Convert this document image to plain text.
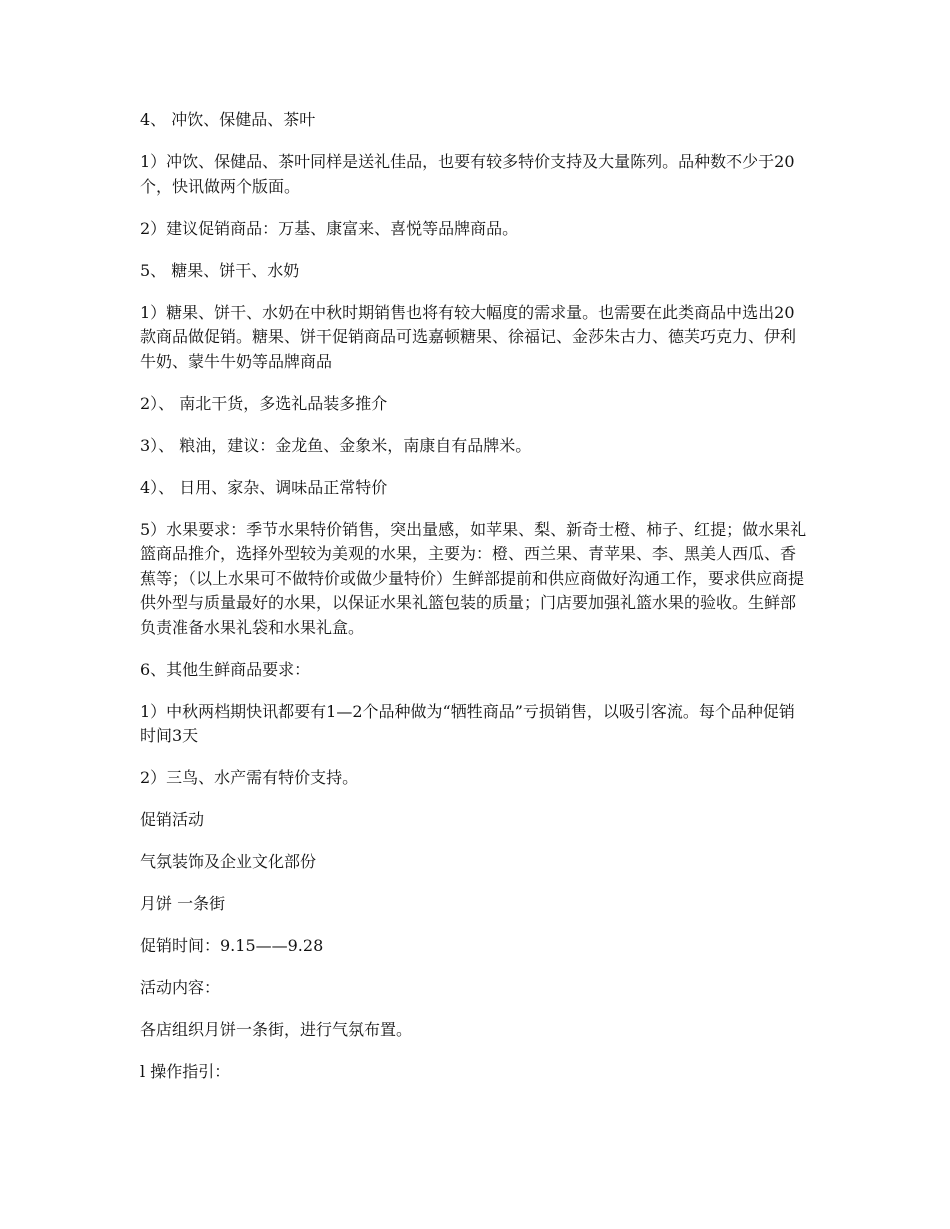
4、 冲饮、保健品、茶叶

1）冲饮、保健品、茶叶同样是送礼佳品，也要有较多特价支持及大量陈列。品种数不少于20个，快讯做两个版面。

2）建议促销商品：万基、康富来、喜悦等品牌商品。

5、 糖果、饼干、水奶

1）糖果、饼干、水奶在中秋时期销售也将有较大幅度的需求量。也需要在此类商品中选出20款商品做促销。糖果、饼干促销商品可选嘉顿糖果、徐福记、金莎朱古力、德芙巧克力、伊利牛奶、蒙牛牛奶等品牌商品

2）、 南北干货，多选礼品装多推介

3）、 粮油，建议：金龙鱼、金象米，南康自有品牌米。

4）、 日用、家杂、调味品正常特价

5）水果要求：季节水果特价销售，突出量感，如苹果、梨、新奇士橙、柿子、红提；做水果礼篮商品推介，选择外型较为美观的水果，主要为：橙、西兰果、青苹果、李、黑美人西瓜、香蕉等；（以上水果可不做特价或做少量特价）生鲜部提前和供应商做好沟通工作，要求供应商提供外型与质量最好的水果，以保证水果礼篮包装的质量；门店要加强礼篮水果的验收。生鲜部负责准备水果礼袋和水果礼盒。

6、其他生鲜商品要求：

1）中秋两档期快讯都要有1—2个品种做为“牺牲商品”亏损销售，以吸引客流。每个品种促销时间3天

2）三鸟、水产需有特价支持。

促销活动

气氛装饰及企业文化部份

月饼 一条街

促销时间：9.15——9.28

活动内容：

各店组织月饼一条街，进行气氛布置。

l 操作指引：
